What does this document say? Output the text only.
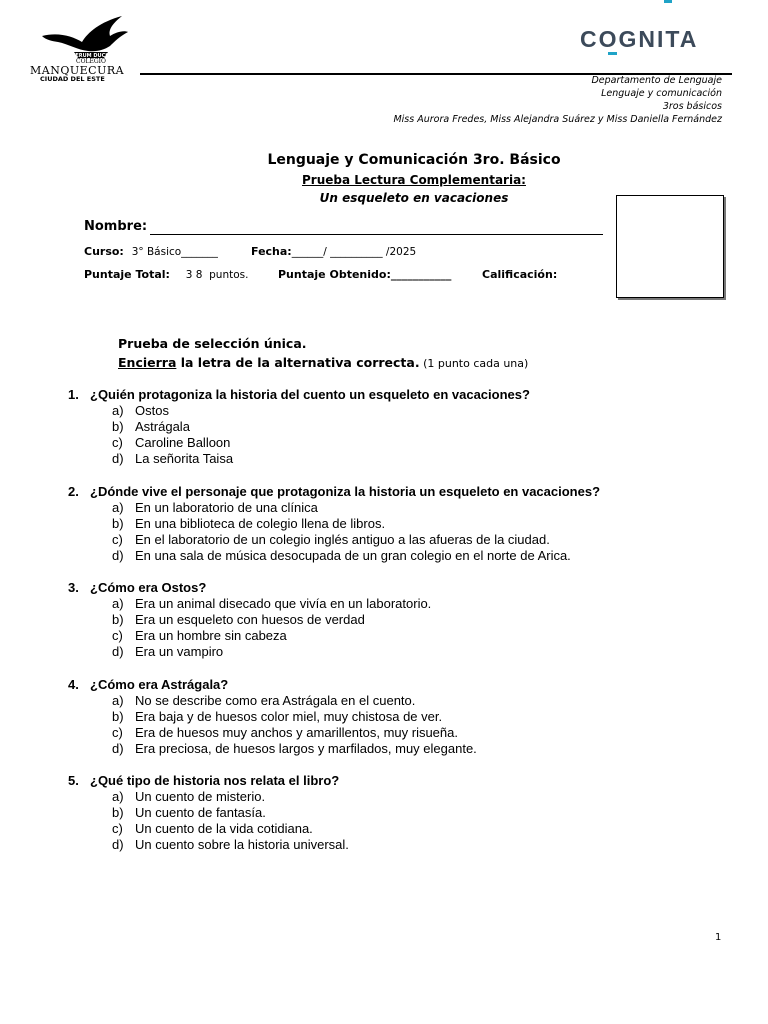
VERUM DUCIT
COLEGIO
MANQUECURA
CIUDAD DEL ESTE
COGNITA
Departamento de Lenguaje
Lenguaje y comunicación
3ros básicos
Miss Aurora Fredes, Miss Alejandra Suárez y Miss Daniella Fernández
Lenguaje y Comunicación 3ro. Básico
Prueba Lectura Complementaria:
Un esqueleto en vacaciones
Nombre:
Curso: 3° Básico_______	Fecha:______/ __________ /2025
Puntaje Total: 3 8  puntos.	Puntaje Obtenido:___________	Calificación:
Prueba de selección única.
Encierra la letra de la alternativa correcta. (1 punto cada una)
1. ¿Quién protagoniza la historia del cuento un esqueleto en vacaciones?
a) Ostos
b) Astrágala
c) Caroline Balloon
d) La señorita Taisa
2. ¿Dónde vive el personaje que protagoniza la historia un esqueleto en vacaciones?
a) En un laboratorio de una clínica
b) En una biblioteca de colegio llena de libros.
c) En el laboratorio de un colegio inglés antiguo a las afueras de la ciudad.
d) En una sala de música desocupada de un gran colegio en el norte de Arica.
3. ¿Cómo era Ostos?
a) Era un animal disecado que vivía en un laboratorio.
b) Era un esqueleto con huesos de verdad
c) Era un hombre sin cabeza
d) Era un vampiro
4. ¿Cómo era Astrágala?
a) No se describe como era Astrágala en el cuento.
b) Era baja y de huesos color miel, muy chistosa de ver.
c) Era de huesos muy anchos y amarillentos, muy risueña.
d) Era preciosa, de huesos largos y marfilados, muy elegante.
5. ¿Qué tipo de historia nos relata el libro?
a) Un cuento de misterio.
b) Un cuento de fantasía.
c) Un cuento de la vida cotidiana.
d) Un cuento sobre la historia universal.
1
